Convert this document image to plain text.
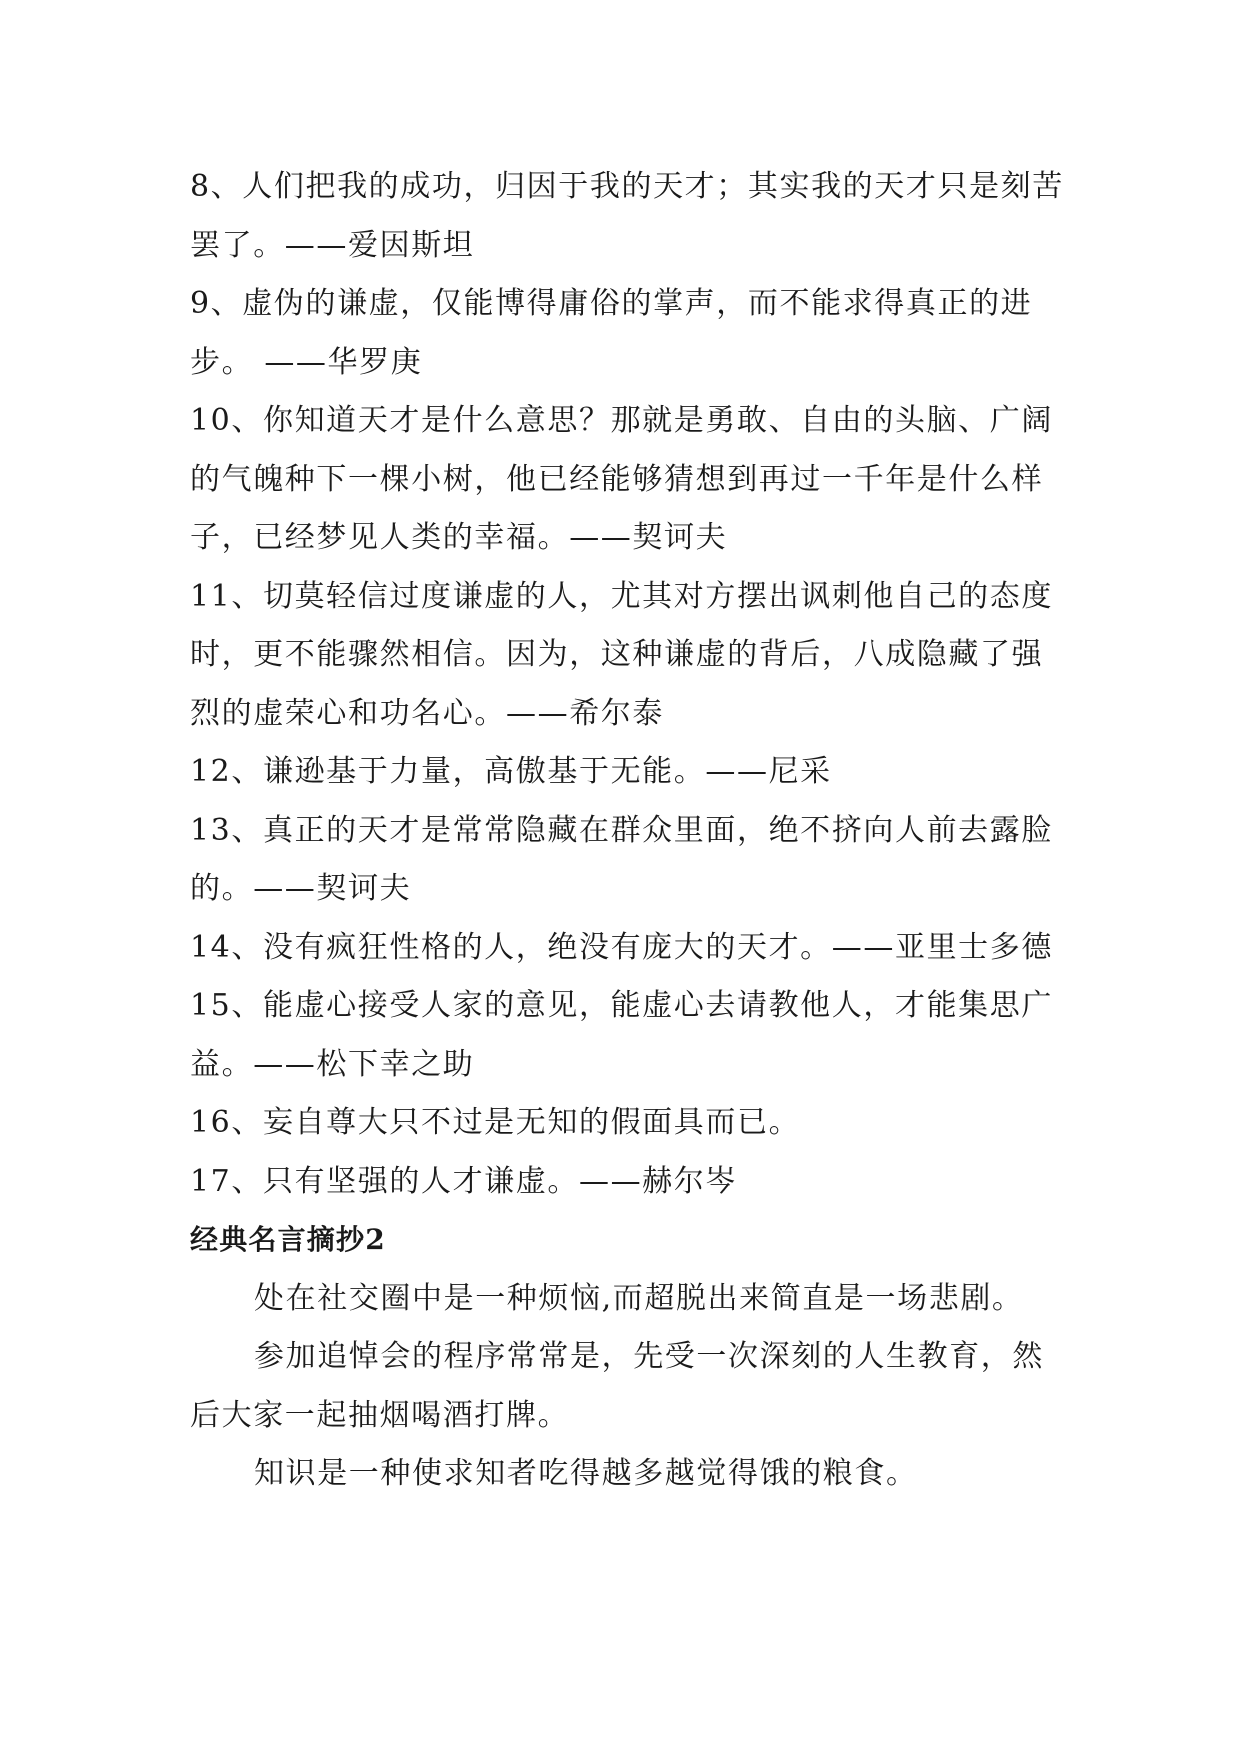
8、人们把我的成功，归因于我的天才；其实我的天才只是刻苦罢了。——爱因斯坦

9、虚伪的谦虚，仅能博得庸俗的掌声，而不能求得真正的进步。 ——华罗庚

10、你知道天才是什么意思？那就是勇敢、自由的头脑、广阔的气魄种下一棵小树，他已经能够猜想到再过一千年是什么样子，已经梦见人类的幸福。——契诃夫

11、切莫轻信过度谦虚的人，尤其对方摆出讽刺他自己的态度时，更不能骤然相信。因为，这种谦虚的背后，八成隐藏了强烈的虚荣心和功名心。——希尔泰

12、谦逊基于力量，高傲基于无能。——尼采

13、真正的天才是常常隐藏在群众里面，绝不挤向人前去露脸的。——契诃夫

14、没有疯狂性格的人，绝没有庞大的天才。——亚里士多德

15、能虚心接受人家的意见，能虚心去请教他人，才能集思广益。——松下幸之助

16、妄自尊大只不过是无知的假面具而已。

17、只有坚强的人才谦虚。——赫尔岑

经典名言摘抄2

处在社交圈中是一种烦恼,而超脱出来简直是一场悲剧。

参加追悼会的程序常常是，先受一次深刻的人生教育，然后大家一起抽烟喝酒打牌。

知识是一种使求知者吃得越多越觉得饿的粮食。
